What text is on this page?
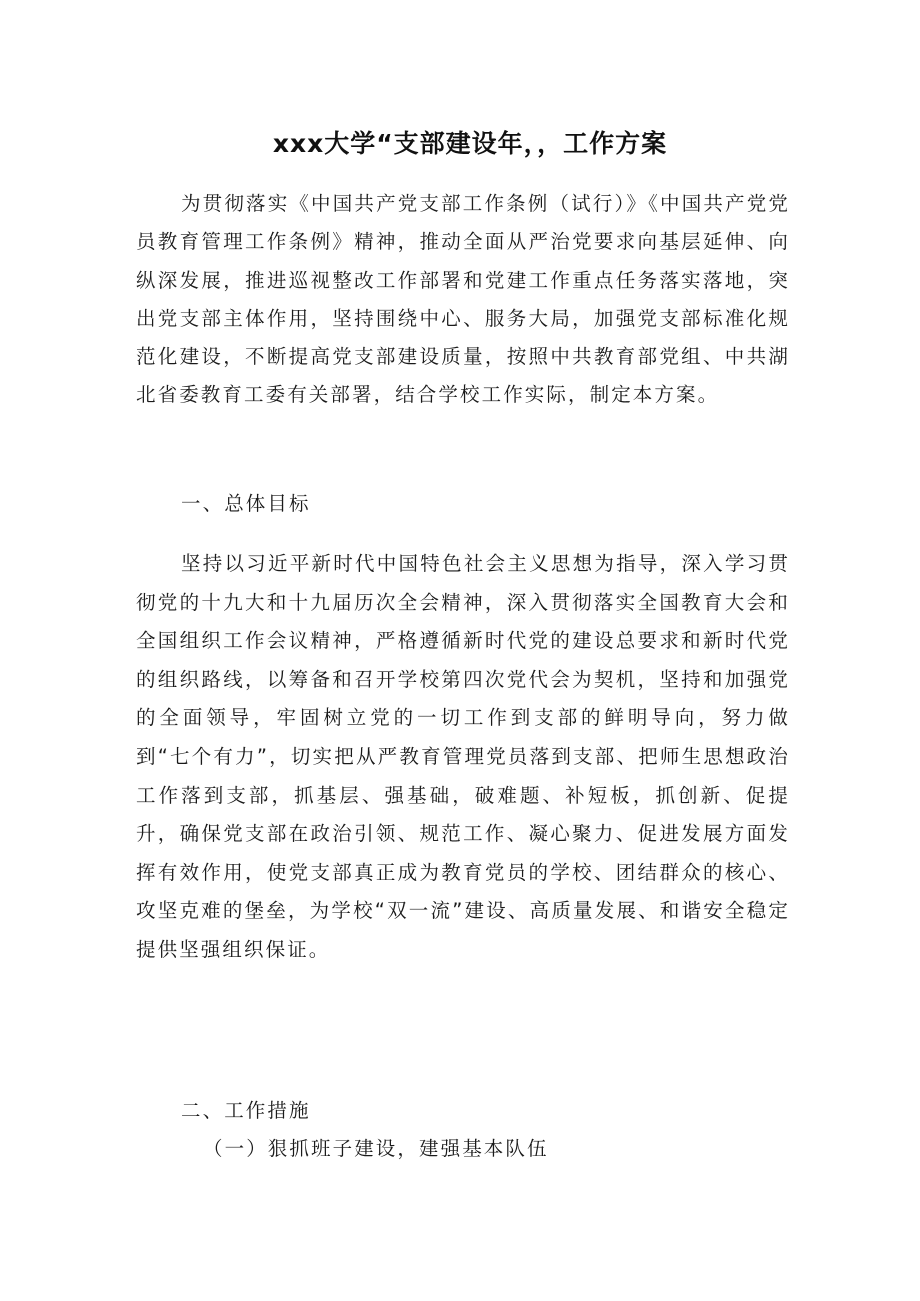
xxx大学“支部建设年，，工作方案

为贯彻落实《中国共产党支部工作条例（试行）》《中国共产党党员教育管理工作条例》精神，推动全面从严治党要求向基层延伸、向纵深发展，推进巡视整改工作部署和党建工作重点任务落实落地，突出党支部主体作用，坚持围绕中心、服务大局，加强党支部标准化规范化建设，不断提高党支部建设质量，按照中共教育部党组、中共湖北省委教育工委有关部署，结合学校工作实际，制定本方案。

一、总体目标

坚持以习近平新时代中国特色社会主义思想为指导，深入学习贯彻党的十九大和十九届历次全会精神，深入贯彻落实全国教育大会和全国组织工作会议精神，严格遵循新时代党的建设总要求和新时代党的组织路线，以筹备和召开学校第四次党代会为契机，坚持和加强党的全面领导，牢固树立党的一切工作到支部的鲜明导向，努力做到“七个有力”，切实把从严教育管理党员落到支部、把师生思想政治工作落到支部，抓基层、强基础，破难题、补短板，抓创新、促提升，确保党支部在政治引领、规范工作、凝心聚力、促进发展方面发挥有效作用，使党支部真正成为教育党员的学校、团结群众的核心、攻坚克难的堡垒，为学校“双一流”建设、高质量发展、和谐安全稳定提供坚强组织保证。

二、工作措施

（一）狠抓班子建设，建强基本队伍
